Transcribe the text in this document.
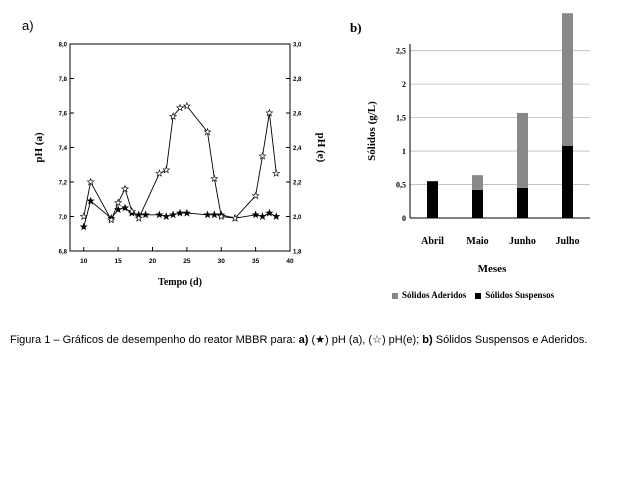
a)	b)
10	15	20	25	30	35	40
6,8
7,0
7,2
7,4
7,6
7,8
8,0
1,8
2,0
2,2
2,4
2,6
2,8
3,0
Tempo (d)
pH (a)	pH (e)
0
0,5
1
1,5
2
2,5
Abril Maio Junho Julho
Meses
Sólidos (g/L)
Sólidos Aderidos Sólidos Suspensos
Figura 1 – Gráficos de desempenho do reator MBBR para: a) (★) pH (a), (☆) pH(e); b) Sólidos Suspensos e Aderidos.
